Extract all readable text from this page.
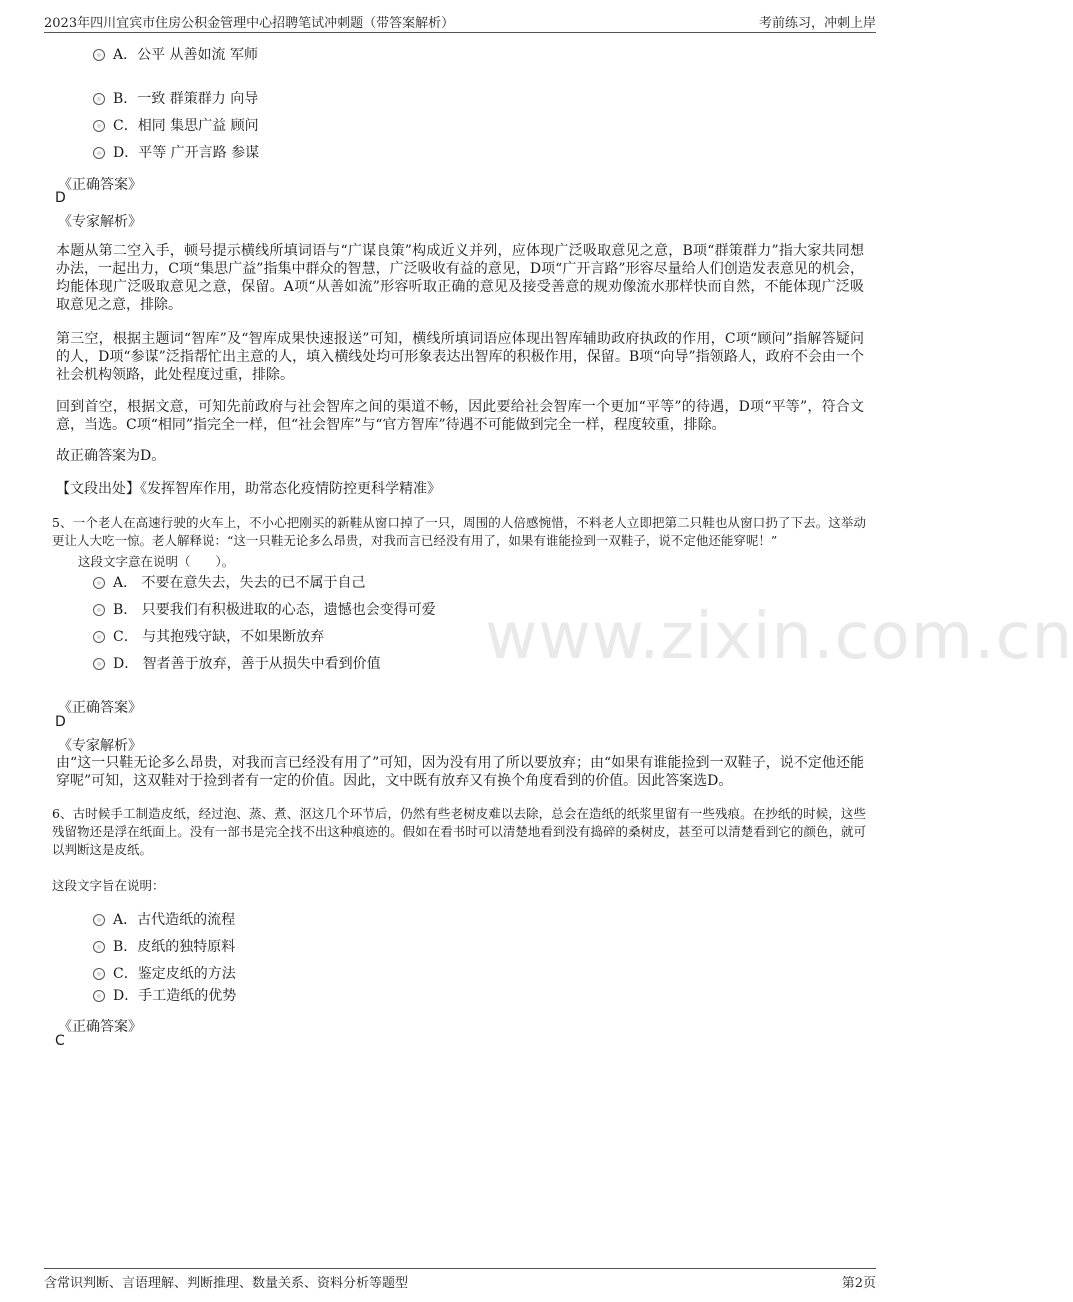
www.zixin.com.cn
2023年四川宜宾市住房公积金管理中心招聘笔试冲刺题（带答案解析）	考前练习，冲刺上岸
A．公平 从善如流 军师
B．一致 群策群力 向导
C．相同 集思广益 顾问
D．平等 广开言路 参谋
《正确答案》
D
《专家解析》
本题从第二空入手，顿号提示横线所填词语与“广谋良策”构成近义并列，应体现广泛吸取意见之意，B项“群策群力”指大家共同想办法，一起出力，C项“集思广益”指集中群众的智慧，广泛吸收有益的意见，D项“广开言路”形容尽量给人们创造发表意见的机会，均能体现广泛吸取意见之意，保留。A项“从善如流”形容听取正确的意见及接受善意的规劝像流水那样快而自然，不能体现广泛吸取意见之意，排除。
第三空，根据主题词“智库”及“智库成果快速报送”可知，横线所填词语应体现出智库辅助政府执政的作用，C项“顾问”指解答疑问的人，D项“参谋”泛指帮忙出主意的人，填入横线处均可形象表达出智库的积极作用，保留。B项“向导”指领路人，政府不会由一个社会机构领路，此处程度过重，排除。
回到首空，根据文意，可知先前政府与社会智库之间的渠道不畅，因此要给社会智库一个更加“平等”的待遇，D项“平等”，符合文意，当选。C项“相同”指完全一样，但“社会智库”与“官方智库”待遇不可能做到完全一样，程度较重，排除。
故正确答案为D。
【文段出处】《发挥智库作用，助常态化疫情防控更科学精准》
5、一个老人在高速行驶的火车上，不小心把刚买的新鞋从窗口掉了一只，周围的人倍感惋惜，不料老人立即把第二只鞋也从窗口扔了下去。这举动更让人大吃一惊。老人解释说：“这一只鞋无论多么昂贵，对我而言已经没有用了，如果有谁能捡到一双鞋子，说不定他还能穿呢！”
这段文字意在说明（　　）。
A． 不要在意失去，失去的已不属于自己
B． 只要我们有积极进取的心态，遗憾也会变得可爱
C． 与其抱残守缺，不如果断放弃
D． 智者善于放弃，善于从损失中看到价值
《正确答案》
D
《专家解析》
由“这一只鞋无论多么昂贵，对我而言已经没有用了”可知，因为没有用了所以要放弃；由“如果有谁能捡到一双鞋子，说不定他还能穿呢”可知，这双鞋对于捡到者有一定的价值。因此，文中既有放弃又有换个角度看到的价值。因此答案选D。
6、古时候手工制造皮纸，经过泡、蒸、煮、沤这几个环节后，仍然有些老树皮难以去除，总会在造纸的纸浆里留有一些残痕。在抄纸的时候，这些残留物还是浮在纸面上。没有一部书是完全找不出这种痕迹的。假如在看书时可以清楚地看到没有捣碎的桑树皮，甚至可以清楚看到它的颜色，就可以判断这是皮纸。
这段文字旨在说明：
A．古代造纸的流程
B．皮纸的独特原料
C．鉴定皮纸的方法
D．手工造纸的优势
《正确答案》
C
含常识判断、言语理解、判断推理、数量关系、资料分析等题型	第2页
